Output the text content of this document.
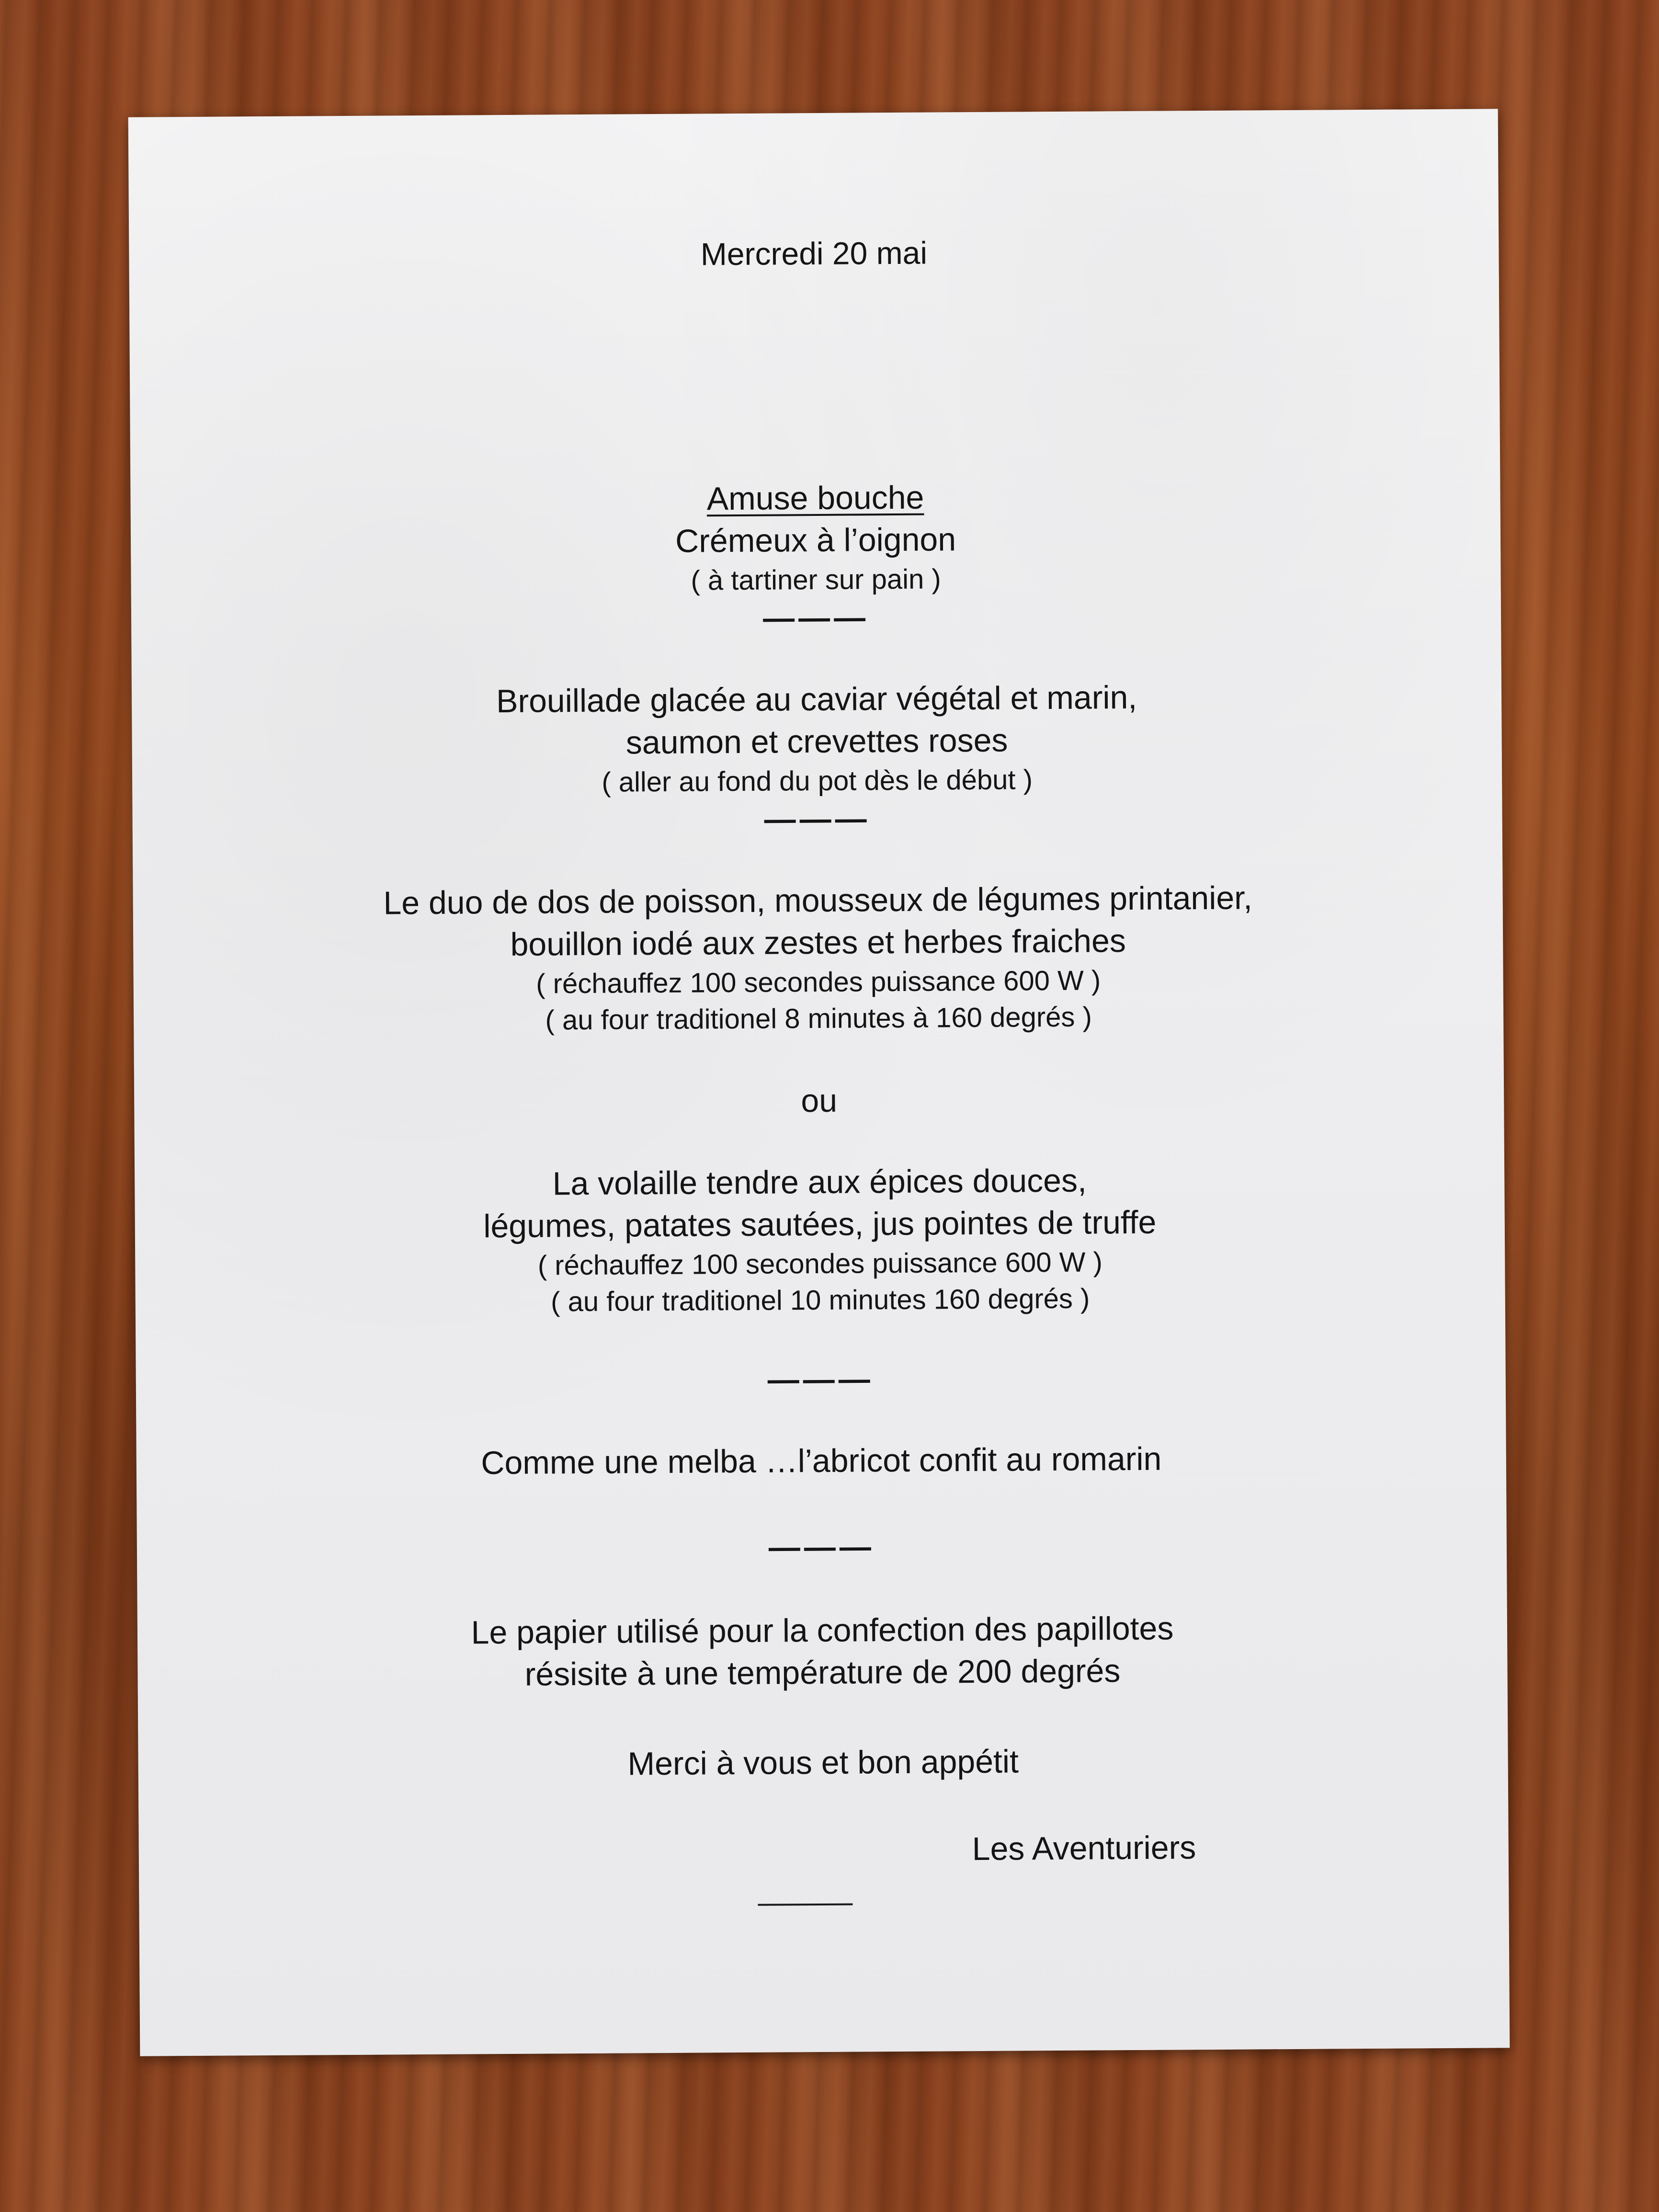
Mercredi 20 mai
Amuse bouche
Crémeux à l’oignon
( à tartiner sur pain )
———
Brouillade glacée au caviar végétal et marin,
saumon et crevettes roses
( aller au fond du pot dès le début )
———
Le duo de dos de poisson, mousseux de légumes printanier,
bouillon iodé aux zestes et herbes fraiches
( réchauffez 100 secondes puissance 600 W )
( au four traditionel 8 minutes à 160 degrés )
ou
La volaille tendre aux épices douces,
légumes, patates sautées, jus pointes de truffe
( réchauffez 100 secondes puissance 600 W )
( au four traditionel 10 minutes 160 degrés )
———
Comme une melba …l’abricot confit au romarin
———
Le papier utilisé pour la confection des papillotes
résisite à une température de 200 degrés
Merci à vous et bon appétit
Les Aventuriers
